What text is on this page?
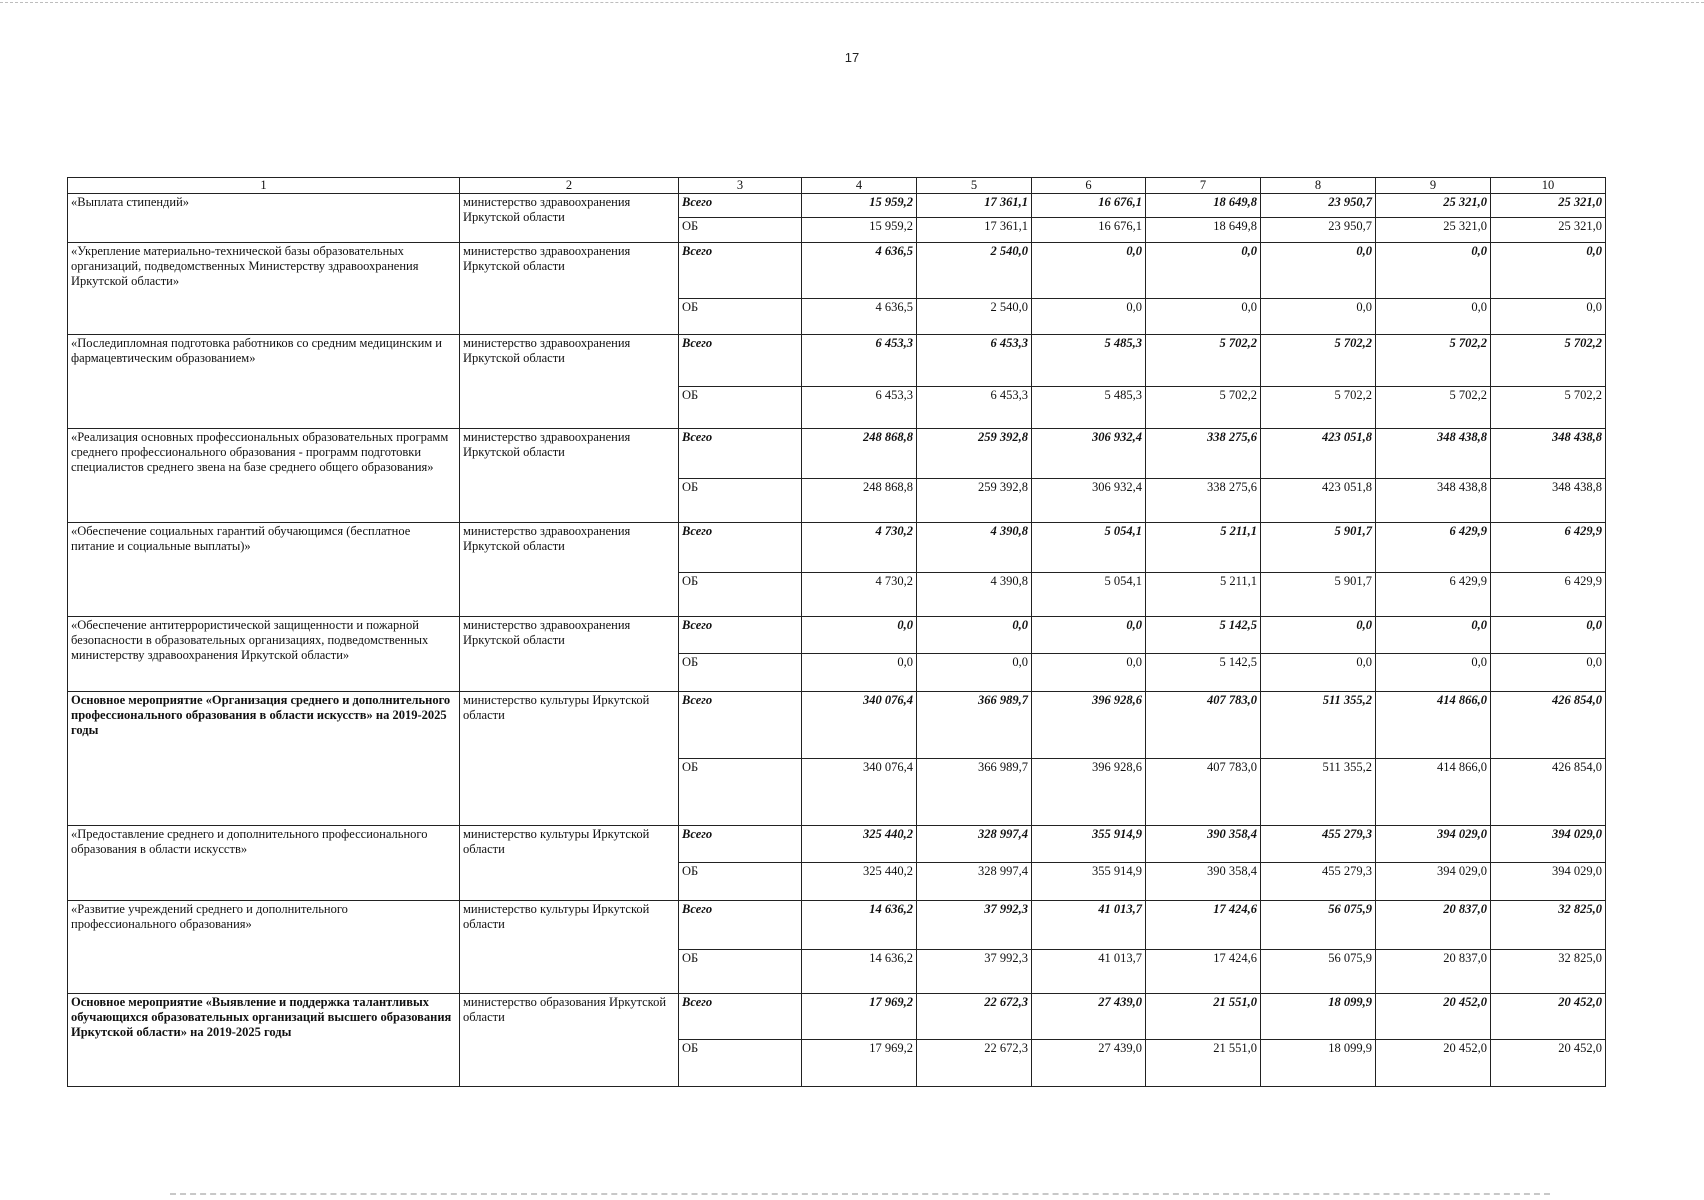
17
1	2	3	4	5	6	7	8	9	10
«Выплата стипендий»	министерство здравоохранения Иркутской области	Всего	15 959,2	17 361,1	16 676,1	18 649,8	23 950,7	25 321,0	25 321,0
		ОБ	15 959,2	17 361,1	16 676,1	18 649,8	23 950,7	25 321,0	25 321,0
«Укрепление материально-технической базы образовательных организаций, подведомственных Министерству здравоохранения Иркутской области»	министерство здравоохранения Иркутской области	Всего	4 636,5	2 540,0	0,0	0,0	0,0	0,0	0,0
		ОБ	4 636,5	2 540,0	0,0	0,0	0,0	0,0	0,0
«Последипломная подготовка работников со средним медицинским и фармацевтическим образованием»	министерство здравоохранения Иркутской области	Всего	6 453,3	6 453,3	5 485,3	5 702,2	5 702,2	5 702,2	5 702,2
		ОБ	6 453,3	6 453,3	5 485,3	5 702,2	5 702,2	5 702,2	5 702,2
«Реализация основных профессиональных образовательных программ среднего профессионального образования - программ подготовки специалистов среднего звена на базе среднего общего образования»	министерство здравоохранения Иркутской области	Всего	248 868,8	259 392,8	306 932,4	338 275,6	423 051,8	348 438,8	348 438,8
		ОБ	248 868,8	259 392,8	306 932,4	338 275,6	423 051,8	348 438,8	348 438,8
«Обеспечение социальных гарантий обучающимся (бесплатное питание и социальные выплаты)»	министерство здравоохранения Иркутской области	Всего	4 730,2	4 390,8	5 054,1	5 211,1	5 901,7	6 429,9	6 429,9
		ОБ	4 730,2	4 390,8	5 054,1	5 211,1	5 901,7	6 429,9	6 429,9
«Обеспечение антитеррористической защищенности и пожарной безопасности в образовательных организациях, подведомственных министерству здравоохранения Иркутской области»	министерство здравоохранения Иркутской области	Всего	0,0	0,0	0,0	5 142,5	0,0	0,0	0,0
		ОБ	0,0	0,0	0,0	5 142,5	0,0	0,0	0,0
Основное мероприятие «Организация среднего и дополнительного профессионального образования в области искусств» на 2019-2025 годы	министерство культуры Иркутской области	Всего	340 076,4	366 989,7	396 928,6	407 783,0	511 355,2	414 866,0	426 854,0
		ОБ	340 076,4	366 989,7	396 928,6	407 783,0	511 355,2	414 866,0	426 854,0
«Предоставление среднего и дополнительного профессионального образования в области искусств»	министерство культуры Иркутской области	Всего	325 440,2	328 997,4	355 914,9	390 358,4	455 279,3	394 029,0	394 029,0
		ОБ	325 440,2	328 997,4	355 914,9	390 358,4	455 279,3	394 029,0	394 029,0
«Развитие учреждений среднего и дополнительного профессионального образования»	министерство культуры Иркутской области	Всего	14 636,2	37 992,3	41 013,7	17 424,6	56 075,9	20 837,0	32 825,0
		ОБ	14 636,2	37 992,3	41 013,7	17 424,6	56 075,9	20 837,0	32 825,0
Основное мероприятие «Выявление и поддержка талантливых обучающихся образовательных организаций высшего образования Иркутской области» на 2019-2025 годы	министерство образования Иркутской области	Всего	17 969,2	22 672,3	27 439,0	21 551,0	18 099,9	20 452,0	20 452,0
		ОБ	17 969,2	22 672,3	27 439,0	21 551,0	18 099,9	20 452,0	20 452,0
